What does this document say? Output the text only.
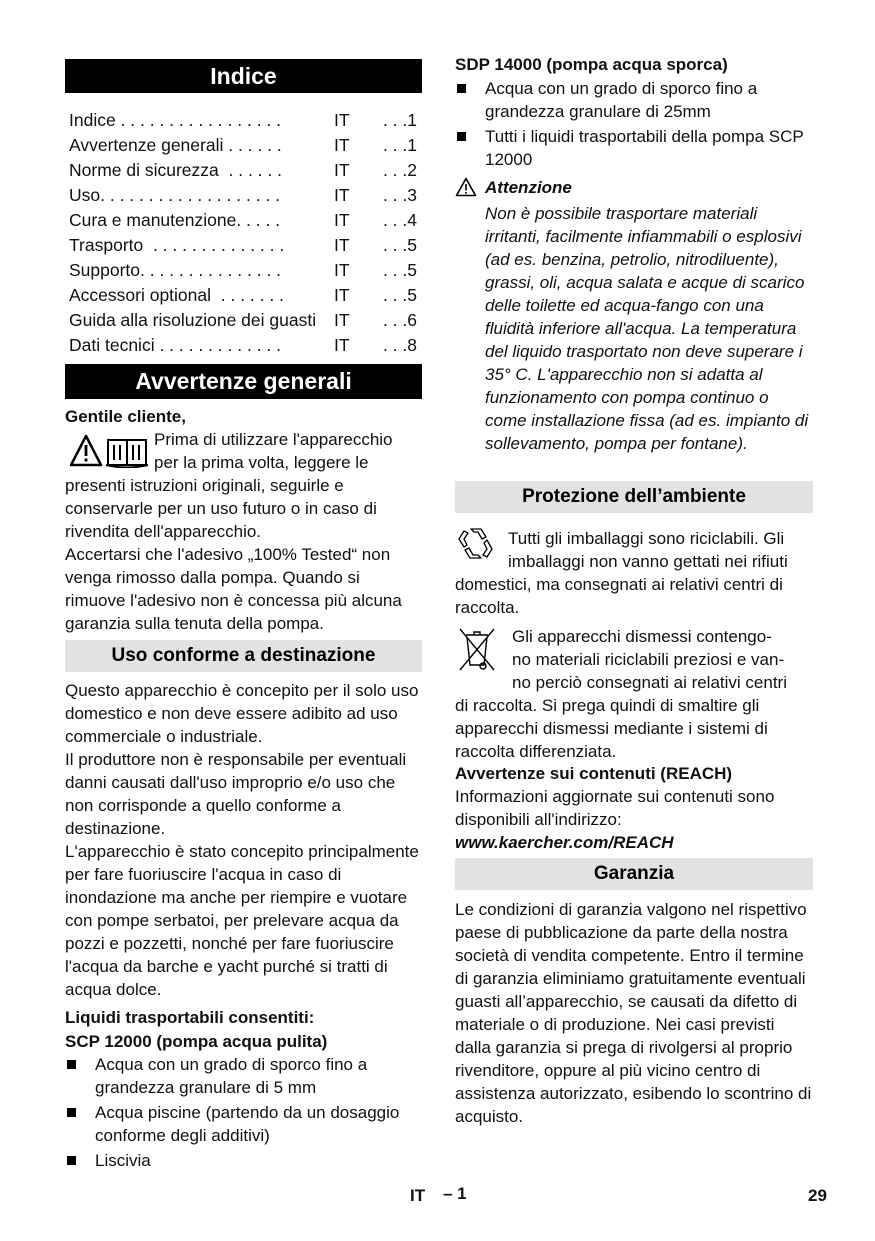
Indice
Indice . . . . . . . . . . . . . . . . .	IT	. . .1
Avvertenze generali . . . . . .	IT	. . .1
Norme di sicurezza  . . . . . .	IT	. . .2
Uso. . . . . . . . . . . . . . . . . . .	IT	. . .3
Cura e manutenzione. . . . .	IT	. . .4
Trasporto  . . . . . . . . . . . . . .	IT	. . .5
Supporto. . . . . . . . . . . . . . .	IT	. . .5
Accessori optional  . . . . . . .	IT	. . .5
Guida alla risoluzione dei guasti IT	. . .6
Dati tecnici . . . . . . . . . . . . .	IT	. . .8
Avvertenze generali
Gentile cliente,
Prima di utilizzare l'apparecchio
per la prima volta, leggere le
presenti istruzioni originali, seguirle e conservarle per un uso futuro o in caso di rivendita dell'apparecchio.
Accertarsi che l'adesivo „100% Tested“ non venga rimosso dalla pompa. Quando si rimuove l'adesivo non è concessa più alcuna garanzia sulla tenuta della pompa.
Uso conforme a destinazione

Questo apparecchio è concepito per il solo uso domestico e non deve essere adibito ad uso commerciale o industriale.

Il produttore non è responsabile per eventuali danni causati dall'uso improprio e/o uso che non corrisponde a quello conforme a destinazione.

L'apparecchio è stato concepito principalmente per fare fuoriuscire l'acqua in caso di inondazione ma anche per riempire e vuotare con pompe serbatoi, per prelevare acqua da pozzi e pozzetti, nonché per fare fuoriuscire l'acqua da barche e yacht purché si tratti di acqua dolce.

Liquidi trasportabili consentiti:
SCP 12000 (pompa acqua pulita)
Acqua con un grado di sporco fino a grandezza granulare di 5 mm
Acqua piscine (partendo da un dosaggio conforme degli additivi)
Liscivia
SDP 14000 (pompa acqua sporca)
Acqua con un grado di sporco fino a grandezza granulare di 25mm
Tutti i liquidi trasportabili della pompa SCP 12000
Attenzione
Non è possibile trasportare materiali irritanti, facilmente infiammabili o esplosivi (ad es. benzina, petrolio, nitrodiluente), grassi, oli, acqua salata e acque di scarico delle toilette ed acqua-fango con una fluidità inferiore all'acqua. La temperatura del liquido trasportato non deve superare i 35° C. L'apparecchio non si adatta al funzionamento con pompa continuo o come installazione fissa (ad es. impianto di sollevamento, pompa per fontane).
Protezione dell’ambiente
Tutti gli imballaggi sono riciclabili. Gli
imballaggi non vanno gettati nei rifiuti
domestici, ma consegnati ai relativi centri di raccolta.
Gli apparecchi dismessi contengo-
no materiali riciclabili preziosi e van-
no perciò consegnati ai relativi centri
di raccolta. Si prega quindi di smaltire gli apparecchi dismessi mediante i sistemi di raccolta differenziata.
Avvertenze sui contenuti (REACH)
Informazioni aggiornate sui contenuti sono disponibili all'indirizzo:
www.kaercher.com/REACH
Garanzia
Le condizioni di garanzia valgono nel rispettivo paese di pubblicazione da parte della nostra società di vendita competente. Entro il termine di garanzia eliminiamo gratuitamente eventuali guasti all’apparecchio, se causati da difetto di materiale o di produzione. Nei casi previsti dalla garanzia si prega di rivolgersi al proprio rivenditore, oppure al più vicino centro di assistenza autorizzato, esibendo lo scontrino di acquisto.
IT – 1	29
